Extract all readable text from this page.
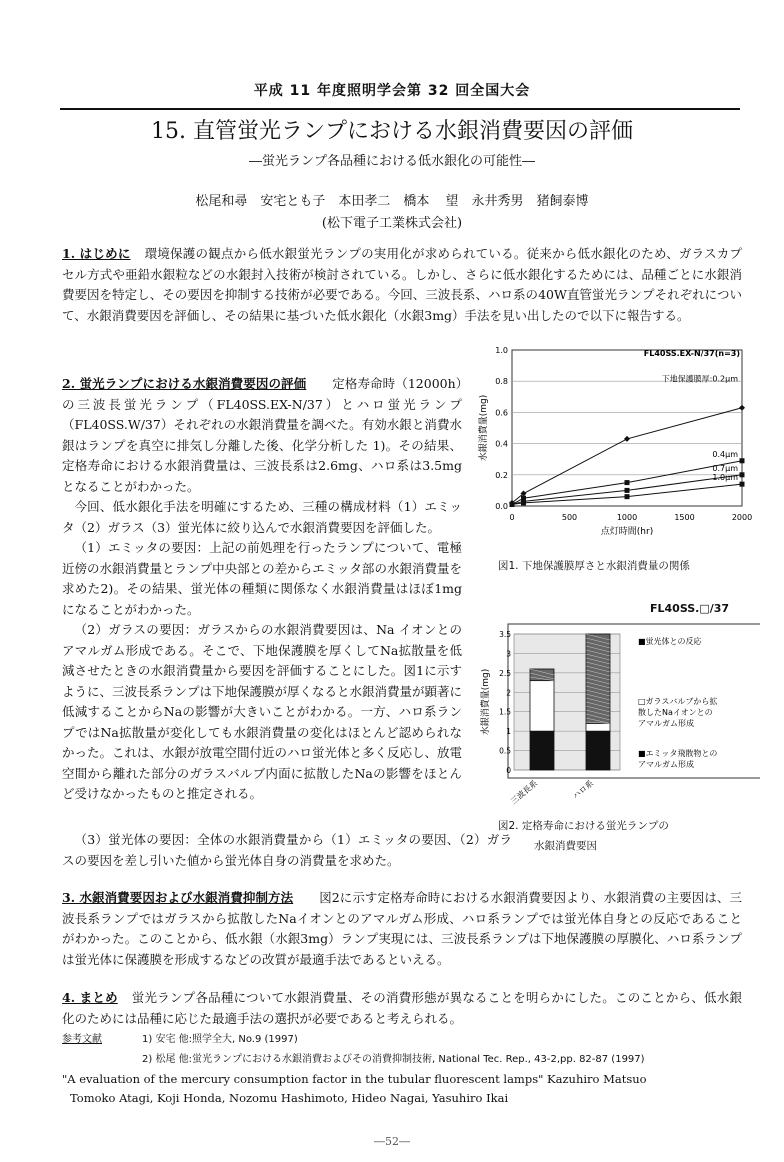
平成 11 年度照明学会第 32 回全国大会
15. 直管蛍光ランプにおける水銀消費要因の評価
―蛍光ランプ各品種における低水銀化の可能性―
松尾和尋　安宅とも子　本田孝二　橋本 望　永井秀男　猪飼泰博
(松下電子工業株式会社)
1. はじめに 環境保護の観点から低水銀蛍光ランプの実用化が求められている。従来から低水銀化のため、ガラスカプセル方式や亜鉛水銀粒などの水銀封入技術が検討されている。しかし、さらに低水銀化するためには、品種ごとに水銀消費要因を特定し、その要因を抑制する技術が必要である。今回、三波長系、ハロ系の40W直管蛍光ランプそれぞれについて、水銀消費要因を評価し、その結果に基づいた低水銀化（水銀3mg）手法を見い出したので以下に報告する。
2. 蛍光ランプにおける水銀消費要因の評価 定格寿命時（12000h）の三波長蛍光ランプ（FL40SS.EX-N/37）とハロ蛍光ランプ（FL40SS.W/37）それぞれの水銀消費量を調べた。有効水銀と消費水銀はランプを真空に排気し分離した後、化学分析した 1)。その結果、定格寿命における水銀消費量は、三波長系は2.6mg、ハロ系は3.5mgとなることがわかった。
今回、低水銀化手法を明確にするため、三種の構成材料（1）エミッタ（2）ガラス（3）蛍光体に絞り込んで水銀消費要因を評価した。
（1）エミッタの要因：上記の前処理を行ったランプについて、電極近傍の水銀消費量とランプ中央部との差からエミッタ部の水銀消費量を求めた2)。その結果、蛍光体の種類に関係なく水銀消費量はほぼ1mgになることがわかった。
（2）ガラスの要因：ガラスからの水銀消費要因は、Na イオンとのアマルガム形成である。そこで、下地保護膜を厚くしてNa拡散量を低減させたときの水銀消費量から要因を評価することにした。図1に示すように、三波長系ランプは下地保護膜が厚くなると水銀消費量が顕著に低減することからNaの影響が大きいことがわかる。一方、ハロ系ランプではNa拡散量が変化しても水銀消費量の変化はほとんど認められなかった。これは、水銀が放電空間付近のハロ蛍光体と多く反応し、放電空間から離れた部分のガラスバルブ内面に拡散したNaの影響をほとんど受けなかったものと推定される。
（3）蛍光体の要因：全体の水銀消費量から（1）エミッタの要因、（2）ガラスの要因を差し引いた値から蛍光体自身の消費量を求めた。
0.0
0.2
0.4
0.6
0.8
1.0
0	500	1000	1500	2000
点灯時間(hr)
水銀消費量(mg)
FL40SS.EX-N/37(n=3)
下地保護膜厚:0.2μm
0.4μm
0.7μm
1.0μm
図1. 下地保護膜厚さと水銀消費量の関係
FL40SS.□/37
0
0.5
1
1.5
2
2.5
3
3.5
水銀消費量(mg)
三波長系	ハロ系
■蛍光体との反応
□ガラスバルブから拡
散したNaイオンとの
アマルガム形成
■エミッタ飛散物との
アマルガム形成
図2. 定格寿命における蛍光ランプの
水銀消費要因
3. 水銀消費要因および水銀消費抑制方法 図2に示す定格寿命時における水銀消費要因より、水銀消費の主要因は、三波長系ランプではガラスから拡散したNaイオンとのアマルガム形成、ハロ系ランプでは蛍光体自身との反応であることがわかった。このことから、低水銀（水銀3mg）ランプ実現には、三波長系ランプは下地保護膜の厚膜化、ハロ系ランプは蛍光体に保護膜を形成するなどの改質が最適手法であるといえる。
4. まとめ 蛍光ランプ各品種について水銀消費量、その消費形態が異なることを明らかにした。このことから、低水銀化のためには品種に応じた最適手法の選択が必要であると考えられる。
参考文献	1) 安宅 他:照学全大, No.9 (1997)
2) 松尾 他:蛍光ランプにおける水銀消費およびその消費抑制技術, National Tec. Rep., 43-2,pp. 82-87 (1997)
"A evaluation of the mercury consumption factor in the tubular fluorescent lamps" Kazuhiro Matsuo
Tomoko Atagi, Koji Honda, Nozomu Hashimoto, Hideo Nagai, Yasuhiro Ikai
―52―
